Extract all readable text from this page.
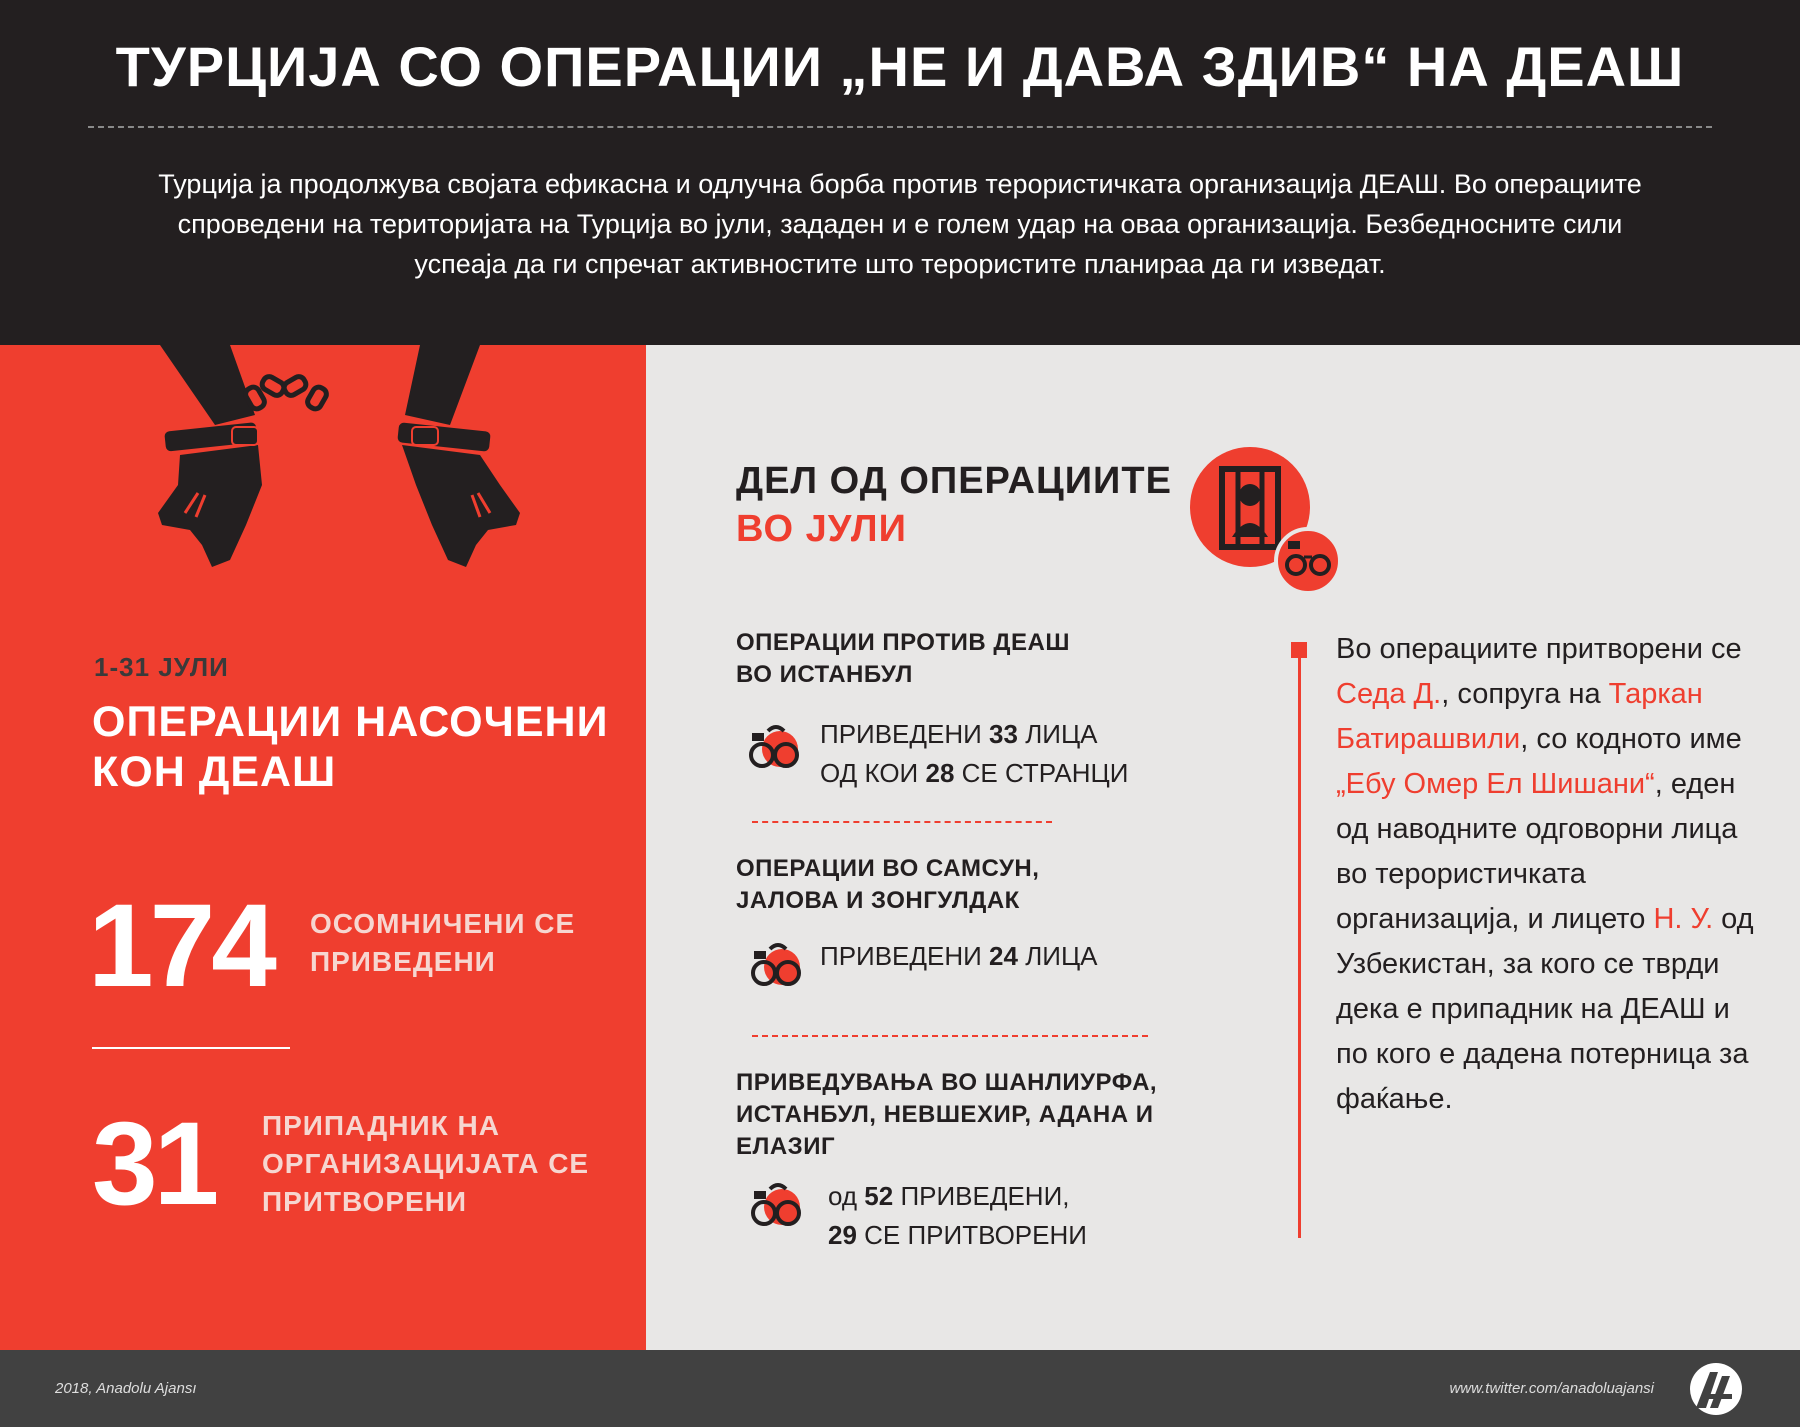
ТУРЦИЈА СО ОПЕРАЦИИ „НЕ И ДАВА ЗДИВ“ НА ДЕАШ
Турција ја продолжува својата ефикасна и одлучна борба против терористичката организација ДЕАШ. Во операциите спроведени на територијата на Турција во јули, зададен и е голем удар на оваа организација. Безбедносните сили успеаја да ги спречат активностите што терористите планираа да ги изведат.
1-31 ЈУЛИ
ОПЕРАЦИИ НАСОЧЕНИ КОН ДЕАШ
174 ОСОМНИЧЕНИ СЕ ПРИВЕДЕНИ
31 ПРИПАДНИК НА ОРГАНИЗАЦИЈАТА СЕ ПРИТВОРЕНИ
ДЕЛ ОД ОПЕРАЦИИТЕ
ВО ЈУЛИ
ОПЕРАЦИИ ПРОТИВ ДЕАШ ВО ИСТАНБУЛ
ПРИВЕДЕНИ 33 ЛИЦА
ОД КОИ 28 СЕ СТРАНЦИ
ОПЕРАЦИИ ВО САМСУН, ЈАЛОВА И ЗОНГУЛДАК
ПРИВЕДЕНИ 24 ЛИЦА
ПРИВЕДУВАЊА ВО ШАНЛИУРФА, ИСТАНБУЛ, НЕВШЕХИР, АДАНА И ЕЛАЗИГ
од 52 ПРИВЕДЕНИ,
29 СЕ ПРИТВОРЕНИ
Во операциите притворени се Седа Д., сопруга на Таркан Батирашвили, со кодното име „Ебу Омер Ел Шишани“, еден од наводните одговорни лица во терористичката организација, и лицето Н. У. од Узбекистан, за кого се тврди дека е припадник на ДЕАШ и по кого е дадена потерница за фаќање.
2018, Anadolu Ajansı	www.twitter.com/anadoluajansi
